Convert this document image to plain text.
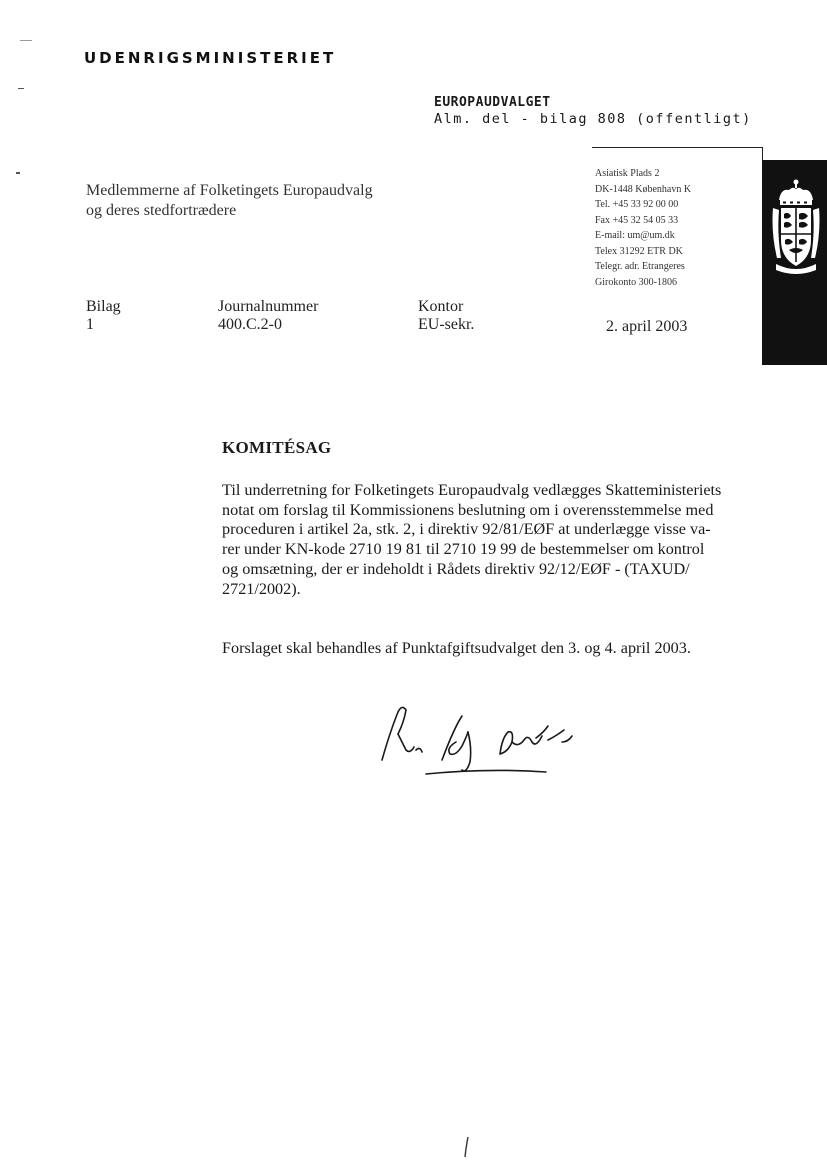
UDENRIGSMINISTERIET
EUROPAUDVALGET
Alm. del - bilag 808 (offentligt)
Medlemmerne af Folketingets Europaudvalg
og deres stedfortrædere
Asiatisk Plads 2
DK-1448 København K
Tel. +45 33 92 00 00
Fax +45 32 54 05 33
E-mail: um@um.dk
Telex 31292 ETR DK
Telegr. adr. Etrangeres
Girokonto 300-1806
Bilag
1
Journalnummer
400.C.2-0
Kontor
EU-sekr.	2. april 2003
KOMITÉSAG
Til underretning for Folketingets Europaudvalg vedlægges Skatteministeriets
notat om forslag til Kommissionens beslutning om i overensstemmelse med
proceduren i artikel 2a, stk. 2, i direktiv 92/81/EØF at underlægge visse va-
rer under KN-kode 2710 19 81 til 2710 19 99 de bestemmelser om kontrol
og omsætning, der er indeholdt i Rådets direktiv 92/12/EØF - (TAXUD/
2721/2002).
Forslaget skal behandles af Punktafgiftsudvalget den 3. og 4. april 2003.
